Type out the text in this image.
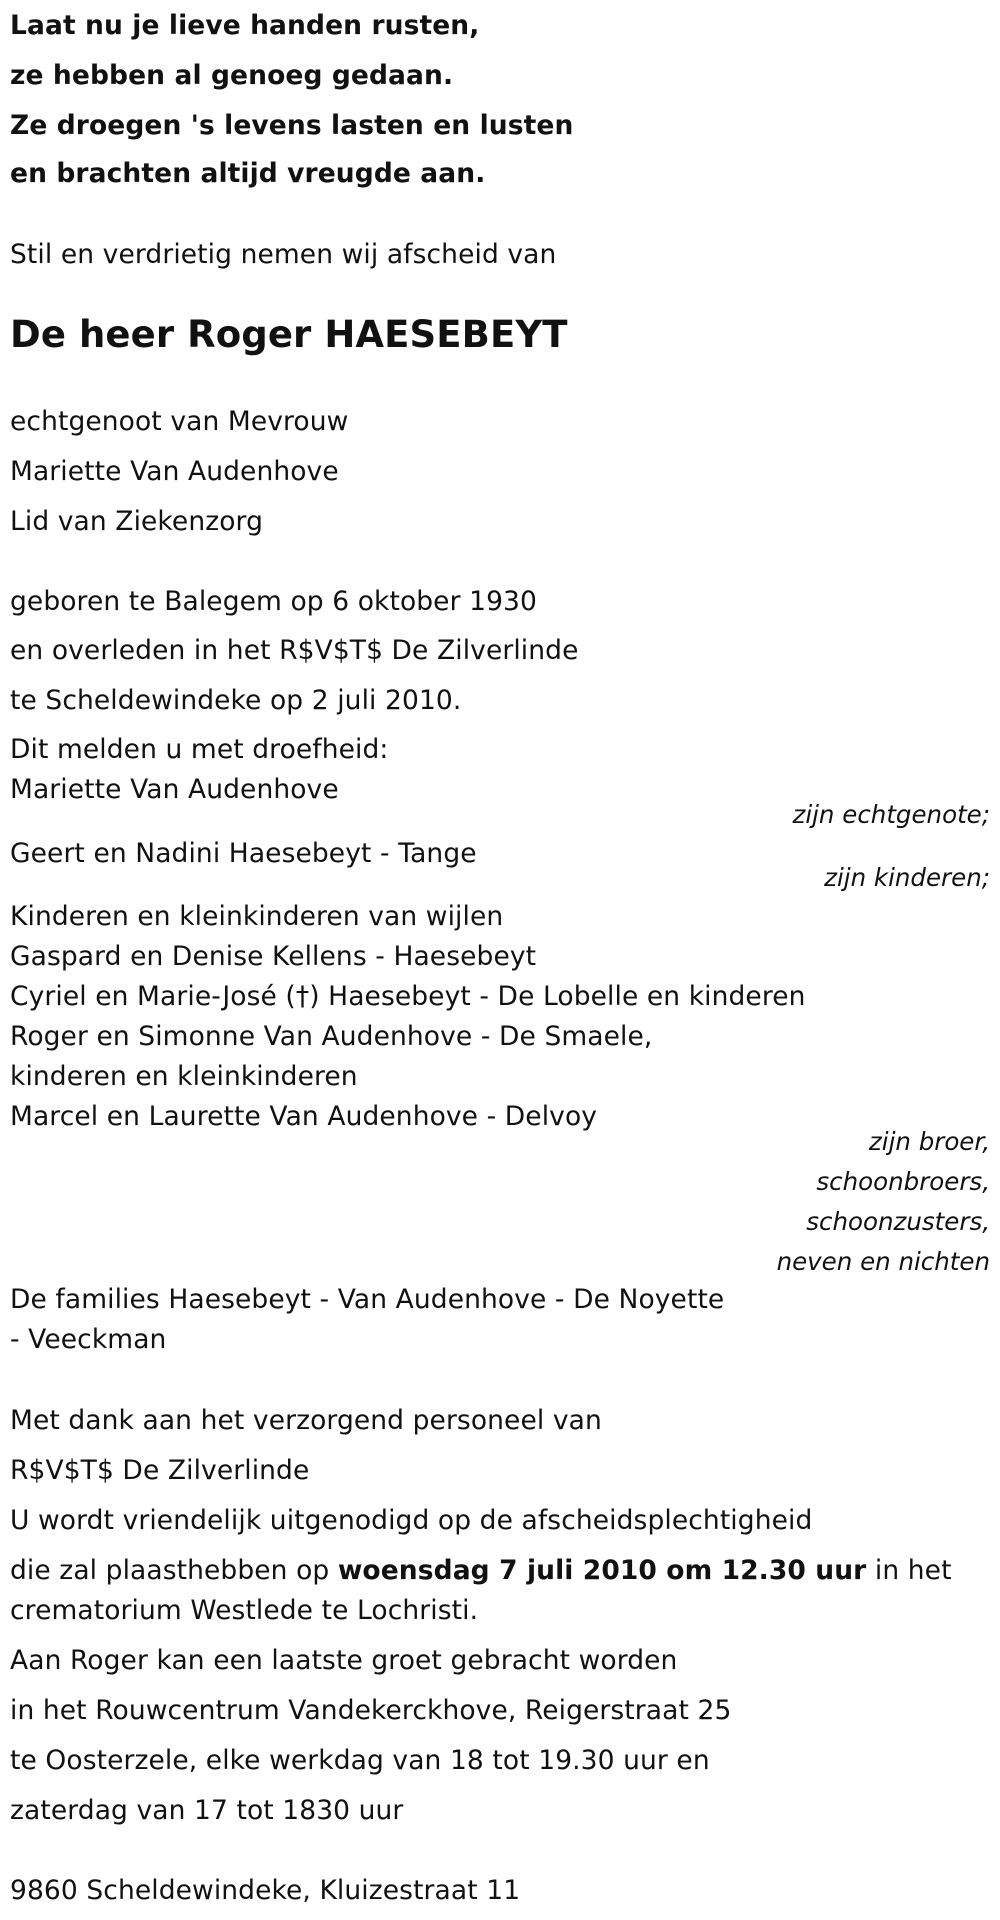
Laat nu je lieve handen rusten,
ze hebben al genoeg gedaan.
Ze droegen 's levens lasten en lusten
en brachten altijd vreugde aan.
Stil en verdrietig nemen wij afscheid van
De heer Roger HAESEBEYT
echtgenoot van Mevrouw
Mariette Van Audenhove
Lid van Ziekenzorg
geboren te Balegem op 6 oktober 1930
en overleden in het R$V$T$ De Zilverlinde
te Scheldewindeke op 2 juli 2010.
Dit melden u met droefheid:
Mariette Van Audenhove
zijn echtgenote;
Geert en Nadini Haesebeyt - Tange
zijn kinderen;
Kinderen en kleinkinderen van wijlen
Gaspard en Denise Kellens - Haesebeyt
Cyriel en Marie-José (†) Haesebeyt - De Lobelle en kinderen
Roger en Simonne Van Audenhove - De Smaele,
kinderen en kleinkinderen
Marcel en Laurette Van Audenhove - Delvoy
zijn broer,
schoonbroers,
schoonzusters,
neven en nichten
De families Haesebeyt - Van Audenhove - De Noyette
- Veeckman
Met dank aan het verzorgend personeel van
R$V$T$ De Zilverlinde
U wordt vriendelijk uitgenodigd op de afscheidsplechtigheid
die zal plaasthebben op woensdag 7 juli 2010 om 12.30 uur in het
crematorium Westlede te Lochristi.
Aan Roger kan een laatste groet gebracht worden
in het Rouwcentrum Vandekerckhove, Reigerstraat 25
te Oosterzele, elke werkdag van 18 tot 19.30 uur en
zaterdag van 17 tot 1830 uur
9860 Scheldewindeke, Kluizestraat 11
